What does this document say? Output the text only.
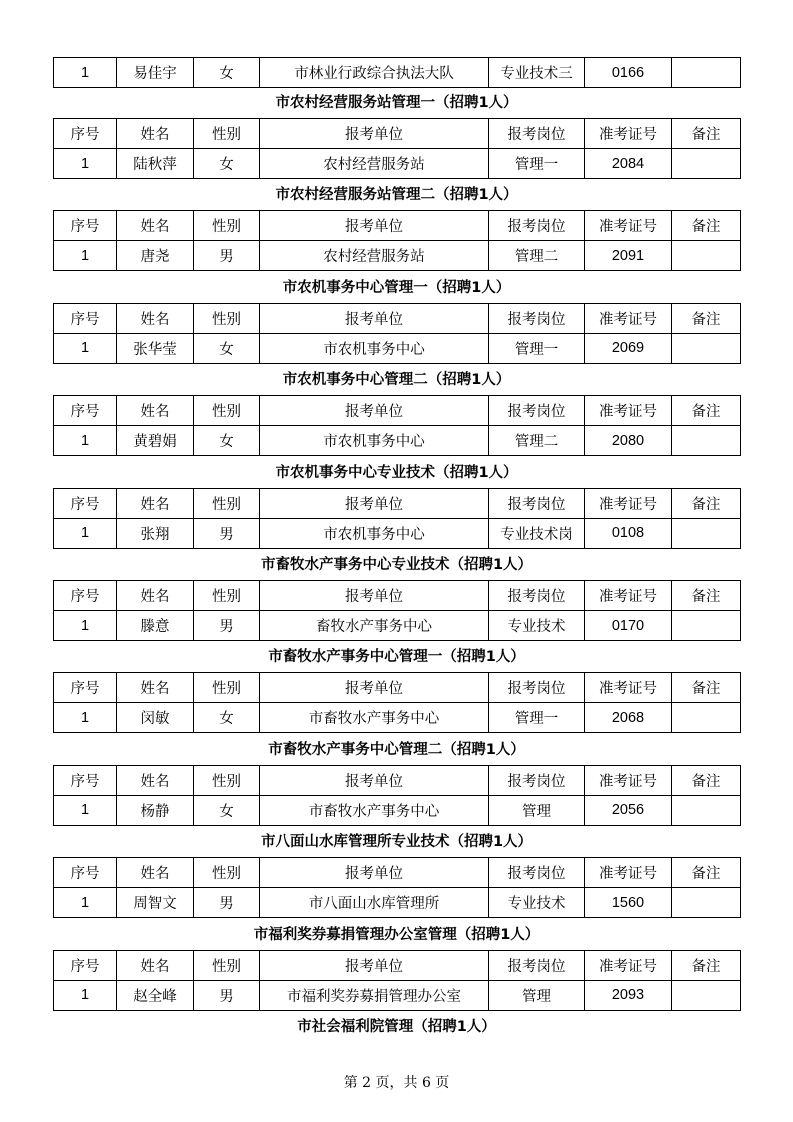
1	易佳宇	女	市林业行政综合执法大队	专业技术三	0166	
市农村经营服务站管理一（招聘1人）
序号	姓名	性别	报考单位	报考岗位	准考证号	备注
1	陆秋萍	女	农村经营服务站	管理一	2084	
市农村经营服务站管理二（招聘1人）
序号	姓名	性别	报考单位	报考岗位	准考证号	备注
1	唐尧	男	农村经营服务站	管理二	2091	
市农机事务中心管理一（招聘1人）
序号	姓名	性别	报考单位	报考岗位	准考证号	备注
1	张华莹	女	市农机事务中心	管理一	2069	
市农机事务中心管理二（招聘1人）
序号	姓名	性别	报考单位	报考岗位	准考证号	备注
1	黄碧娟	女	市农机事务中心	管理二	2080	
市农机事务中心专业技术（招聘1人）
序号	姓名	性别	报考单位	报考岗位	准考证号	备注
1	张翔	男	市农机事务中心	专业技术岗	0108	
市畜牧水产事务中心专业技术（招聘1人）
序号	姓名	性别	报考单位	报考岗位	准考证号	备注
1	滕意	男	畜牧水产事务中心	专业技术	0170	
市畜牧水产事务中心管理一（招聘1人）
序号	姓名	性别	报考单位	报考岗位	准考证号	备注
1	闵敏	女	市畜牧水产事务中心	管理一	2068	
市畜牧水产事务中心管理二（招聘1人）
序号	姓名	性别	报考单位	报考岗位	准考证号	备注
1	杨静	女	市畜牧水产事务中心	管理	2056	
市八面山水库管理所专业技术（招聘1人）
序号	姓名	性别	报考单位	报考岗位	准考证号	备注
1	周智文	男	市八面山水库管理所	专业技术	1560	
市福利奖券募捐管理办公室管理（招聘1人）
序号	姓名	性别	报考单位	报考岗位	准考证号	备注
1	赵全峰	男	市福利奖券募捐管理办公室	管理	2093	
市社会福利院管理（招聘1人）
第 2 页，共 6 页
